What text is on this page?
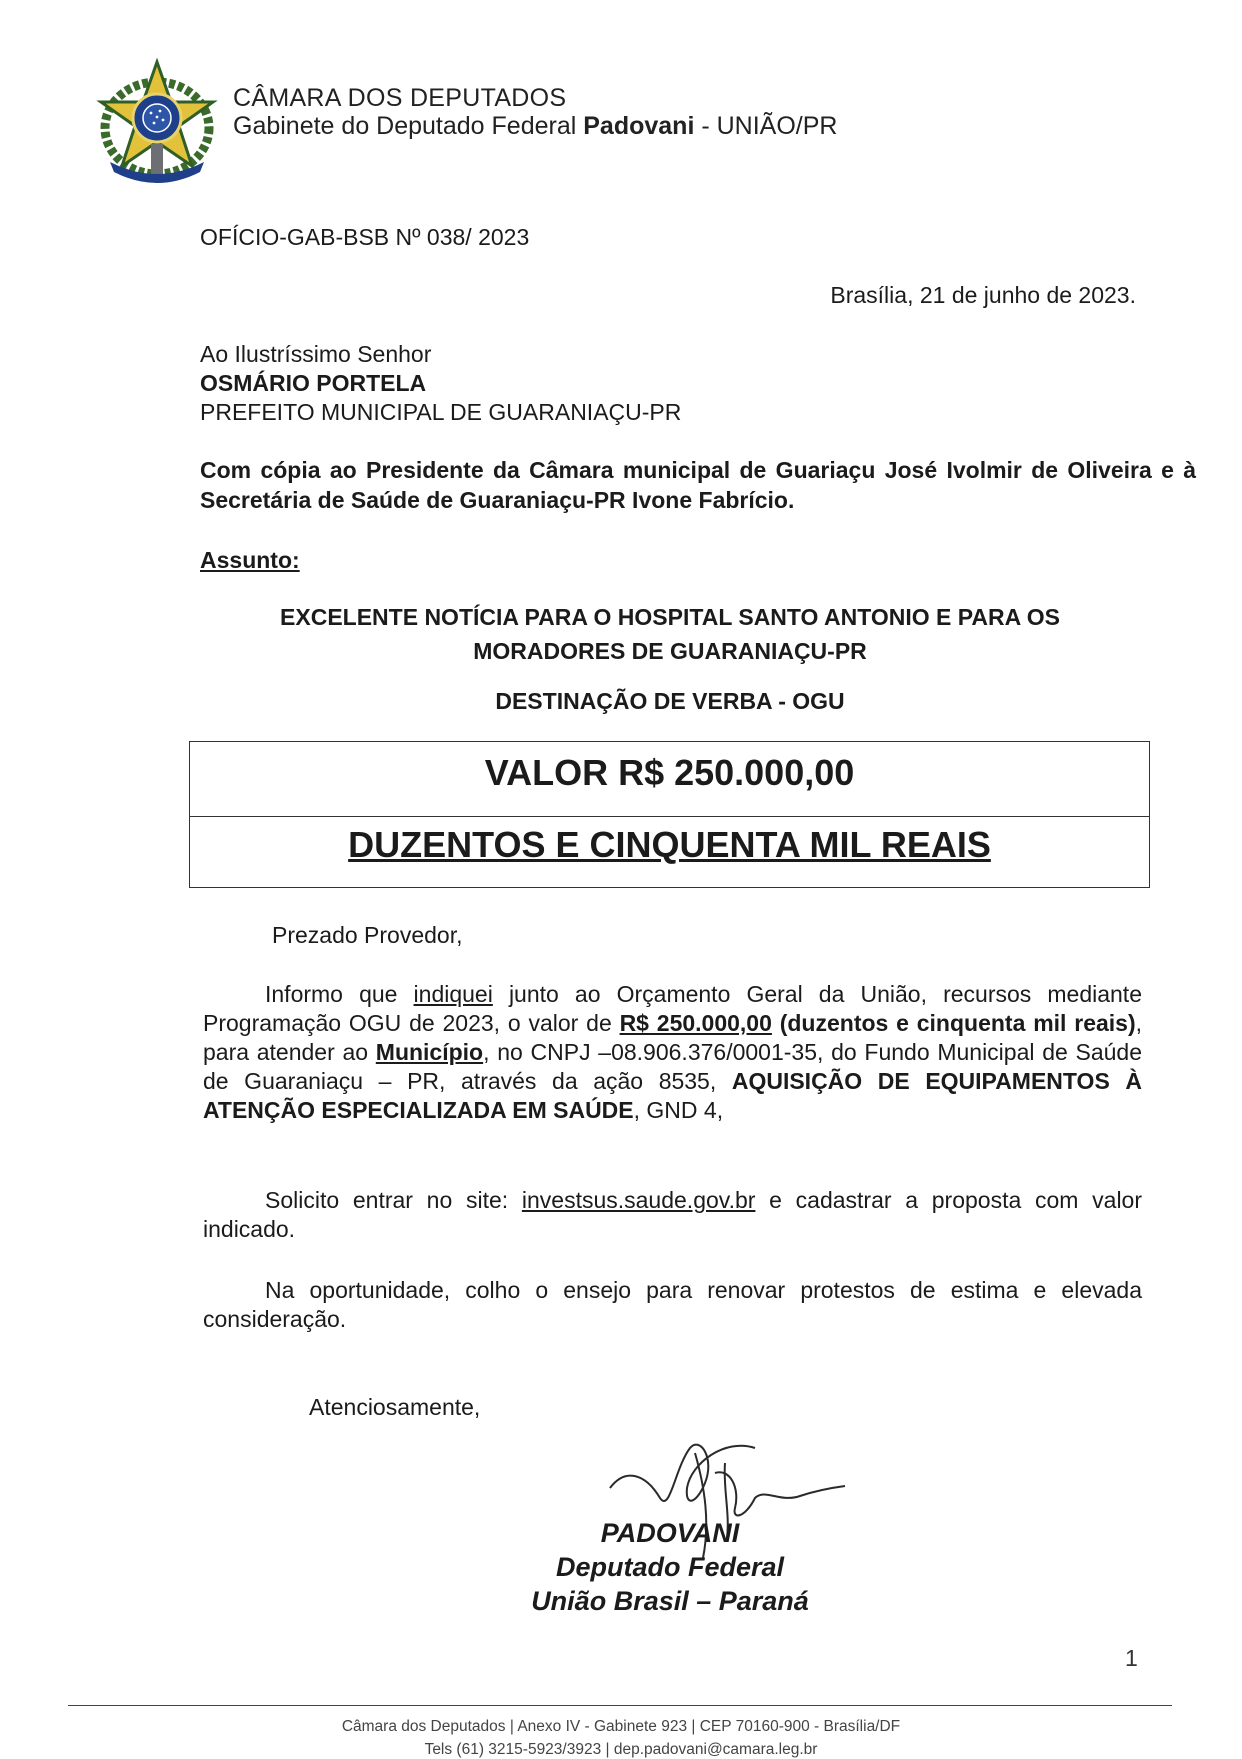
CÂMARA DOS DEPUTADOS
Gabinete do Deputado Federal Padovani - UNIÃO/PR
OFÍCIO-GAB-BSB Nº 038/ 2023
Brasília, 21 de junho de 2023.
Ao Ilustríssimo Senhor
OSMÁRIO PORTELA
PREFEITO MUNICIPAL DE GUARANIAÇU-PR
Com cópia ao Presidente da Câmara municipal de Guariaçu José Ivolmir de Oliveira e à Secretária de Saúde de Guaraniaçu-PR Ivone Fabrício.
Assunto:
EXCELENTE NOTÍCIA PARA O HOSPITAL SANTO ANTONIO E PARA OS
MORADORES DE GUARANIAÇU-PR
DESTINAÇÃO DE VERBA - OGU
VALOR R$ 250.000,00
DUZENTOS E CINQUENTA MIL REAIS
Prezado Provedor,
Informo que indiquei junto ao Orçamento Geral da União, recursos mediante Programação OGU de 2023, o valor de R$ 250.000,00 (duzentos e cinquenta mil reais), para atender ao Município, no CNPJ –08.906.376/0001-35, do Fundo Municipal de Saúde de Guaraniaçu – PR, através da ação 8535, AQUISIÇÃO DE EQUIPAMENTOS À ATENÇÃO ESPECIALIZADA EM SAÚDE, GND 4,
Solicito entrar no site: investsus.saude.gov.br e cadastrar a proposta com valor indicado.
Na oportunidade, colho o ensejo para renovar protestos de estima e elevada consideração.
Atenciosamente,
PADOVANI
Deputado Federal
União Brasil – Paraná
1
Câmara dos Deputados | Anexo IV - Gabinete 923 | CEP 70160-900 - Brasília/DF
Tels (61) 3215-5923/3923 | dep.padovani@camara.leg.br
